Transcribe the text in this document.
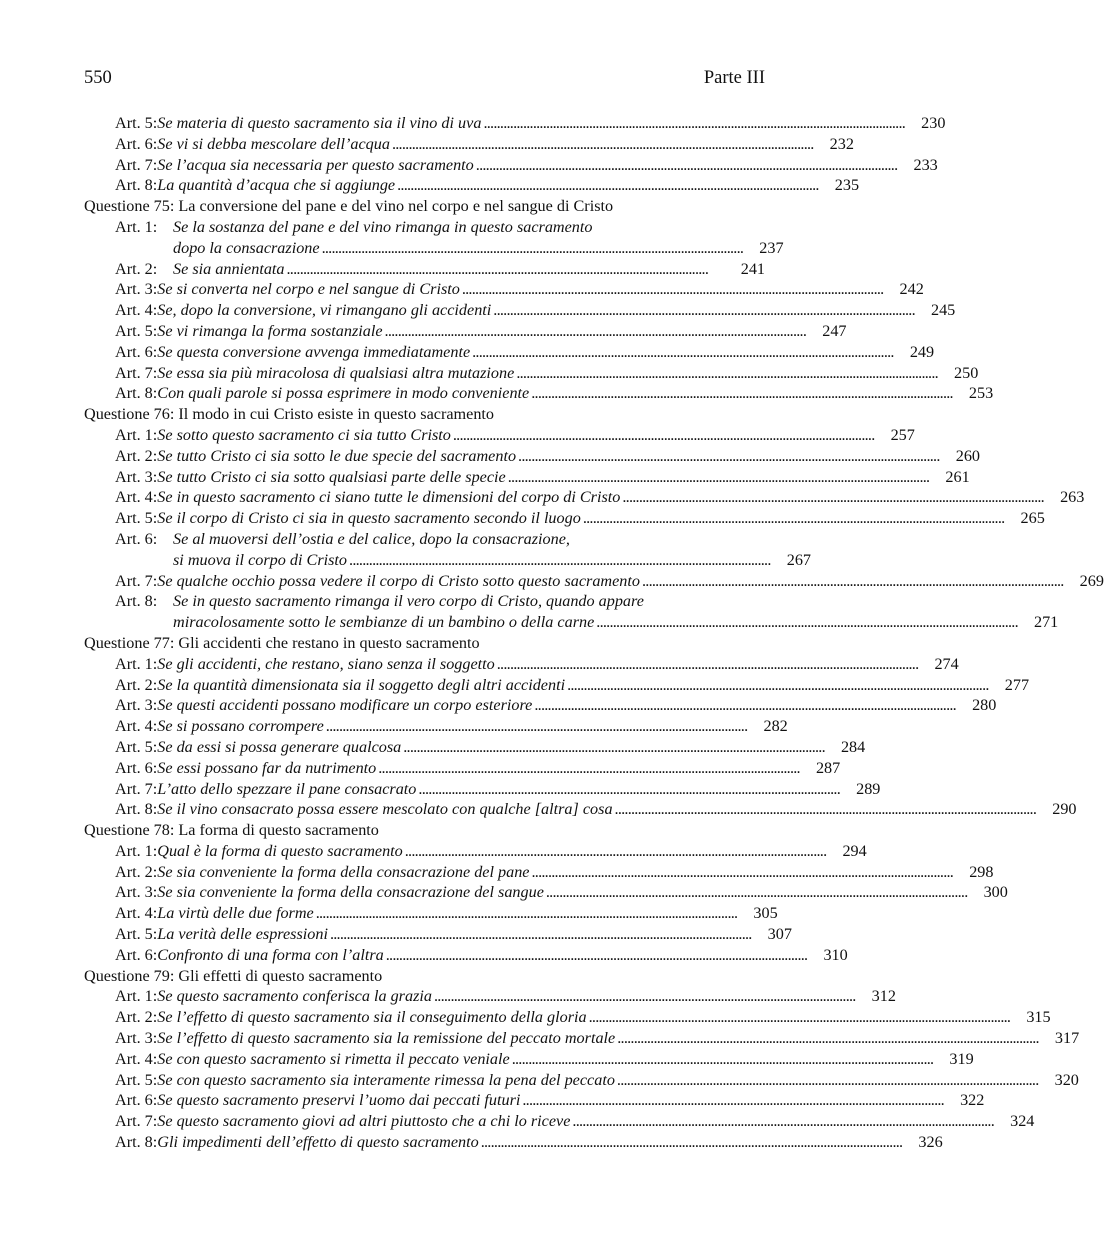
550	Parte III
Art. 5: Se materia di questo sacramento sia il vino di uva . . .	230
Art. 6: Se vi si debba mescolare dell’acqua . . .	232
Art. 7: Se l’acqua sia necessaria per questo sacramento . . .	233
Art. 8: La quantità d’acqua che si aggiunge . . .	235
Questione 75: La conversione del pane e del vino nel corpo e nel sangue di Cristo
Art. 1: Se la sostanza del pane e del vino rimanga in questo sacramento
dopo la consacrazione . . .	237
Art. 2: Se sia annientata . . .	241
Art. 3: Se si converta nel corpo e nel sangue di Cristo . . .	242
Art. 4: Se, dopo la conversione, vi rimangano gli accidenti . . .	245
Art. 5: Se vi rimanga la forma sostanziale . . .	247
Art. 6: Se questa conversione avvenga immediatamente . . .	249
Art. 7: Se essa sia più miracolosa di qualsiasi altra mutazione . . .	250
Art. 8: Con quali parole si possa esprimere in modo conveniente . . .	253
Questione 76: Il modo in cui Cristo esiste in questo sacramento
Art. 1: Se sotto questo sacramento ci sia tutto Cristo . . .	257
Art. 2: Se tutto Cristo ci sia sotto le due specie del sacramento . . .	260
Art. 3: Se tutto Cristo ci sia sotto qualsiasi parte delle specie . . .	261
Art. 4: Se in questo sacramento ci siano tutte le dimensioni del corpo di Cristo . . .	263
Art. 5: Se il corpo di Cristo ci sia in questo sacramento secondo il luogo . . .	265
Art. 6: Se al muoversi dell’ostia e del calice, dopo la consacrazione,
si muova il corpo di Cristo . . .	267
Art. 7: Se qualche occhio possa vedere il corpo di Cristo sotto questo sacramento . . .	269
Art. 8: Se in questo sacramento rimanga il vero corpo di Cristo, quando appare
miracolosamente sotto le sembianze di un bambino o della carne . . .	271
Questione 77: Gli accidenti che restano in questo sacramento
Art. 1: Se gli accidenti, che restano, siano senza il soggetto . . .	274
Art. 2: Se la quantità dimensionata sia il soggetto degli altri accidenti . . .	277
Art. 3: Se questi accidenti possano modificare un corpo esteriore . . .	280
Art. 4: Se si possano corrompere . . .	282
Art. 5: Se da essi si possa generare qualcosa . . .	284
Art. 6: Se essi possano far da nutrimento . . .	287
Art. 7: L’atto dello spezzare il pane consacrato . . .	289
Art. 8: Se il vino consacrato possa essere mescolato con qualche [altra] cosa . . .	290
Questione 78: La forma di questo sacramento
Art. 1: Qual è la forma di questo sacramento . . .	294
Art. 2: Se sia conveniente la forma della consacrazione del pane . . .	298
Art. 3: Se sia conveniente la forma della consacrazione del sangue . . .	300
Art. 4: La virtù delle due forme . . .	305
Art. 5: La verità delle espressioni . . .	307
Art. 6: Confronto di una forma con l’altra . . .	310
Questione 79: Gli effetti di questo sacramento
Art. 1: Se questo sacramento conferisca la grazia . . .	312
Art. 2: Se l’effetto di questo sacramento sia il conseguimento della gloria . . .	315
Art. 3: Se l’effetto di questo sacramento sia la remissione del peccato mortale . . .	317
Art. 4: Se con questo sacramento si rimetta il peccato veniale . . .	319
Art. 5: Se con questo sacramento sia interamente rimessa la pena del peccato . . .	320
Art. 6: Se questo sacramento preservi l’uomo dai peccati futuri . . .	322
Art. 7: Se questo sacramento giovi ad altri piuttosto che a chi lo riceve . . .	324
Art. 8: Gli impedimenti dell’effetto di questo sacramento . . .	326
